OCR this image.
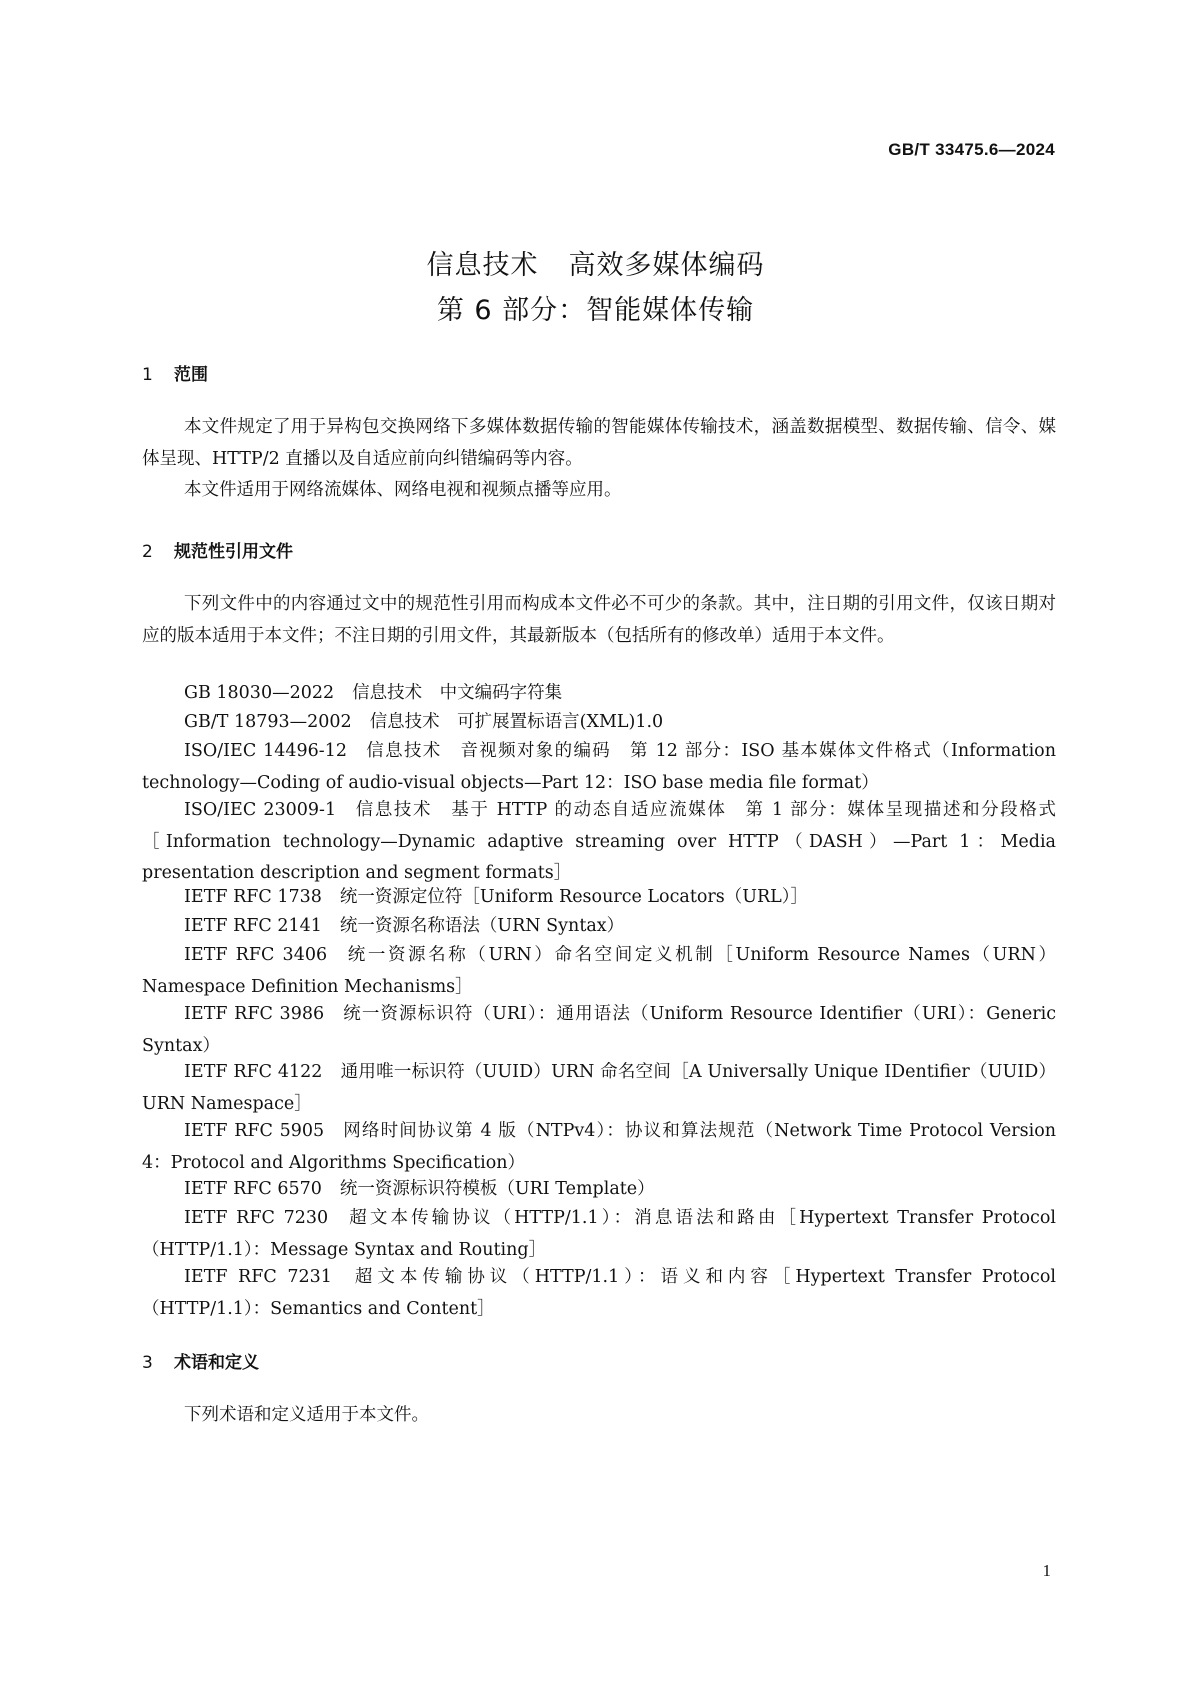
GB/T 33475.6—2024
信息技术 高效多媒体编码
第 6 部分：智能媒体传输
1 范围

本文件规定了用于异构包交换网络下多媒体数据传输的智能媒体传输技术，涵盖数据模型、数据传输、信令、媒体呈现、HTTP/2 直播以及自适应前向纠错编码等内容。

本文件适用于网络流媒体、网络电视和视频点播等应用。

2 规范性引用文件

下列文件中的内容通过文中的规范性引用而构成本文件必不可少的条款。其中，注日期的引用文件，仅该日期对应的版本适用于本文件；不注日期的引用文件，其最新版本（包括所有的修改单）适用于本文件。

GB 18030—2022 信息技术　中文编码字符集

GB/T 18793—2002 信息技术　可扩展置标语言(XML)1.0

ISO/IEC 14496-12 信息技术　音视频对象的编码　第 12 部分：ISO 基本媒体文件格式（Information technology—Coding of audio-visual objects—Part 12：ISO base media file format）

ISO/IEC 23009-1 信息技术　基于 HTTP 的动态自适应流媒体　第 1 部分：媒体呈现描述和分段格式［Information technology—Dynamic adaptive streaming over HTTP（DASH）—Part 1：Media presentation description and segment formats］

IETF RFC 1738 统一资源定位符［Uniform Resource Locators（URL）］

IETF RFC 2141 统一资源名称语法（URN Syntax）

IETF RFC 3406 统一资源名称（URN）命名空间定义机制［Uniform Resource Names（URN）Namespace Definition Mechanisms］

IETF RFC 3986 统一资源标识符（URI）：通用语法（Uniform Resource Identifier（URI）：Generic Syntax）

IETF RFC 4122 通用唯一标识符（UUID）URN 命名空间［A Universally Unique IDentifier（UUID）URN Namespace］

IETF RFC 5905 网络时间协议第 4 版（NTPv4）：协议和算法规范（Network Time Protocol Version 4：Protocol and Algorithms Specification）

IETF RFC 6570 统一资源标识符模板（URI Template）

IETF RFC 7230 超文本传输协议（HTTP/1.1）：消息语法和路由［Hypertext Transfer Protocol（HTTP/1.1）：Message Syntax and Routing］

IETF RFC 7231 超文本传输协议（HTTP/1.1）：语义和内容［Hypertext Transfer Protocol（HTTP/1.1）：Semantics and Content］

3 术语和定义

下列术语和定义适用于本文件。

1
